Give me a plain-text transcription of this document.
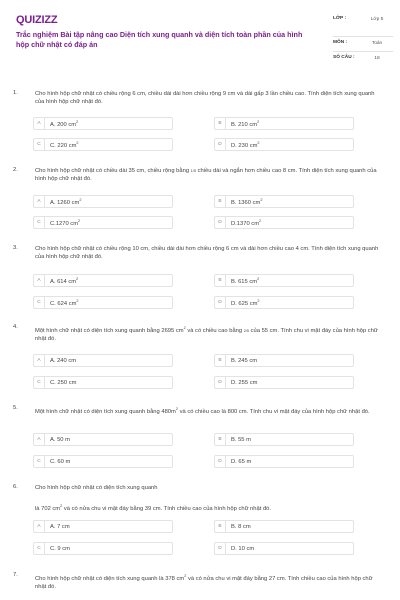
QUIZIZZ
Trắc nghiệm Bài tập nâng cao Diện tích xung quanh và diện tích toàn phần của hình hộp chữ nhật có đáp án
LỚP :	Lớp 5
MÔN :	Toán
SỐ CÂU :	18
1.	Cho hình hộp chữ nhật có chiều rộng 6 cm, chiều dài dài hơn chiều rộng 9 cm và dài gấp 3 lần chiều cao. Tính diện tích xung quanh của hình hộp chữ nhật đó.
A	A. 200 $cm^2$	B	B. 210 $cm^2$
C	C. 220 $cm^2$	D	D. 230 $cm^2$
2.	Cho hình hộp chữ nhật có chiều dài 35 cm, chiều rộng bằng 1/5 chiều dài và ngắn hơn chiều cao 8 cm. Tính diện tích xung quanh của hình hộp chữ nhật đó.
A	A. 1260 $cm^2$	B	B. 1360 $cm^2$
C	C.1270 $cm^2$	D	D.1370 $cm^2$
3.	Cho hình hộp chữ nhật có chiều rộng 10 cm, chiều dài dài hơn chiều rộng 6 cm và dài hơn chiều cao 4 cm. Tính diện tích xung quanh của hình hộp chữ nhật đó.
A	A. 614 $cm^2$	B	B. 615 $cm^2$
C	C. 624 $cm^2$	D	D. 625 $cm^2$
4.
Một hình chữ nhật có diện tích xung quanh bằng 2695 $cm^2$ và có chiều cao bằng 2/5 của 55 cm. Tính chu vi mặt đáy của hình hộp chữ nhật đó.
A	A. 240 cm	B	B. 245 cm
C	C. 250 cm	D	D. 255 cm
5.
Một hình chữ nhật có diện tích xung quanh bằng $480m^2$ và có chiều cao là 800 cm. Tính chu vi mặt đáy của hình hộp chữ nhật đó.
A	A. 50 m	B	B. 55 m
C	C. 60 m	D	D. 65 m
6.	Cho hình hộp chữ nhật có diện tích xung quanh
là 702 $cm^2$ và có nửa chu vi mặt đáy bằng 39 cm. Tính chiều cao của hình hộp chữ nhật đó.
A	A. 7 cm	B	B. 8 cm
C	C. 9 cm	D	D. 10 cm
7.
Cho hình hộp chữ nhật có diện tích xung quanh là 378 $cm^2$ và có nửa chu vi mặt đáy bằng 27 cm. Tính chiều cao của hình hộp chữ nhật đó.
